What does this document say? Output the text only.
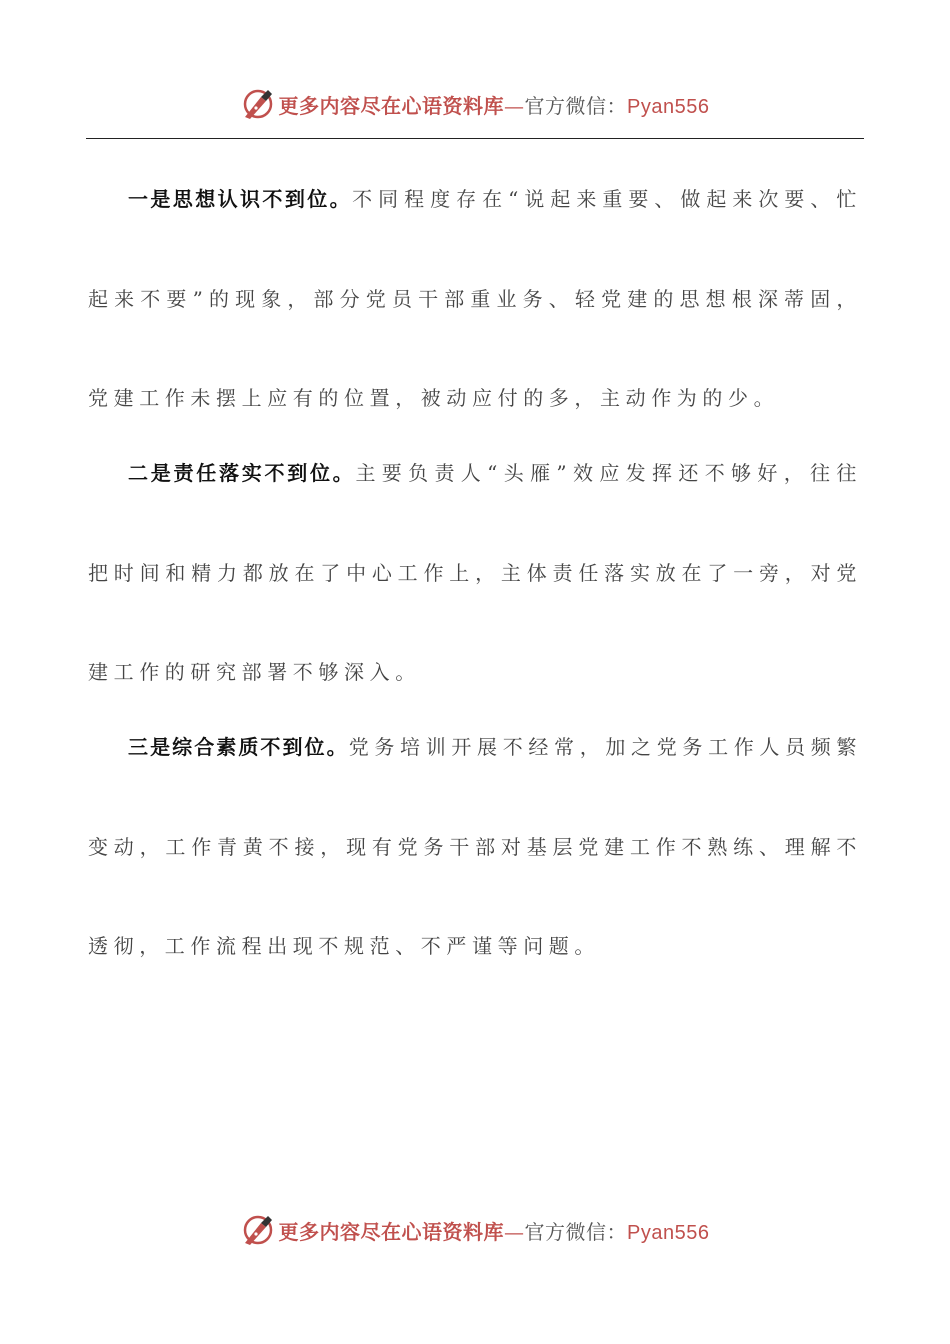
更多内容尽在心语资料库—官方微信：Pyan556

一是思想认识不到位。不同程度存在“说起来重要、做起来次要、忙起来不要”的现象，部分党员干部重业务、轻党建的思想根深蒂固，党建工作未摆上应有的位置，被动应付的多，主动作为的少。

二是责任落实不到位。主要负责人“头雁”效应发挥还不够好，往往把时间和精力都放在了中心工作上，主体责任落实放在了一旁，对党建工作的研究部署不够深入。

三是综合素质不到位。党务培训开展不经常，加之党务工作人员频繁变动，工作青黄不接，现有党务干部对基层党建工作不熟练、理解不透彻，工作流程出现不规范、不严谨等问题。

更多内容尽在心语资料库—官方微信：Pyan556
